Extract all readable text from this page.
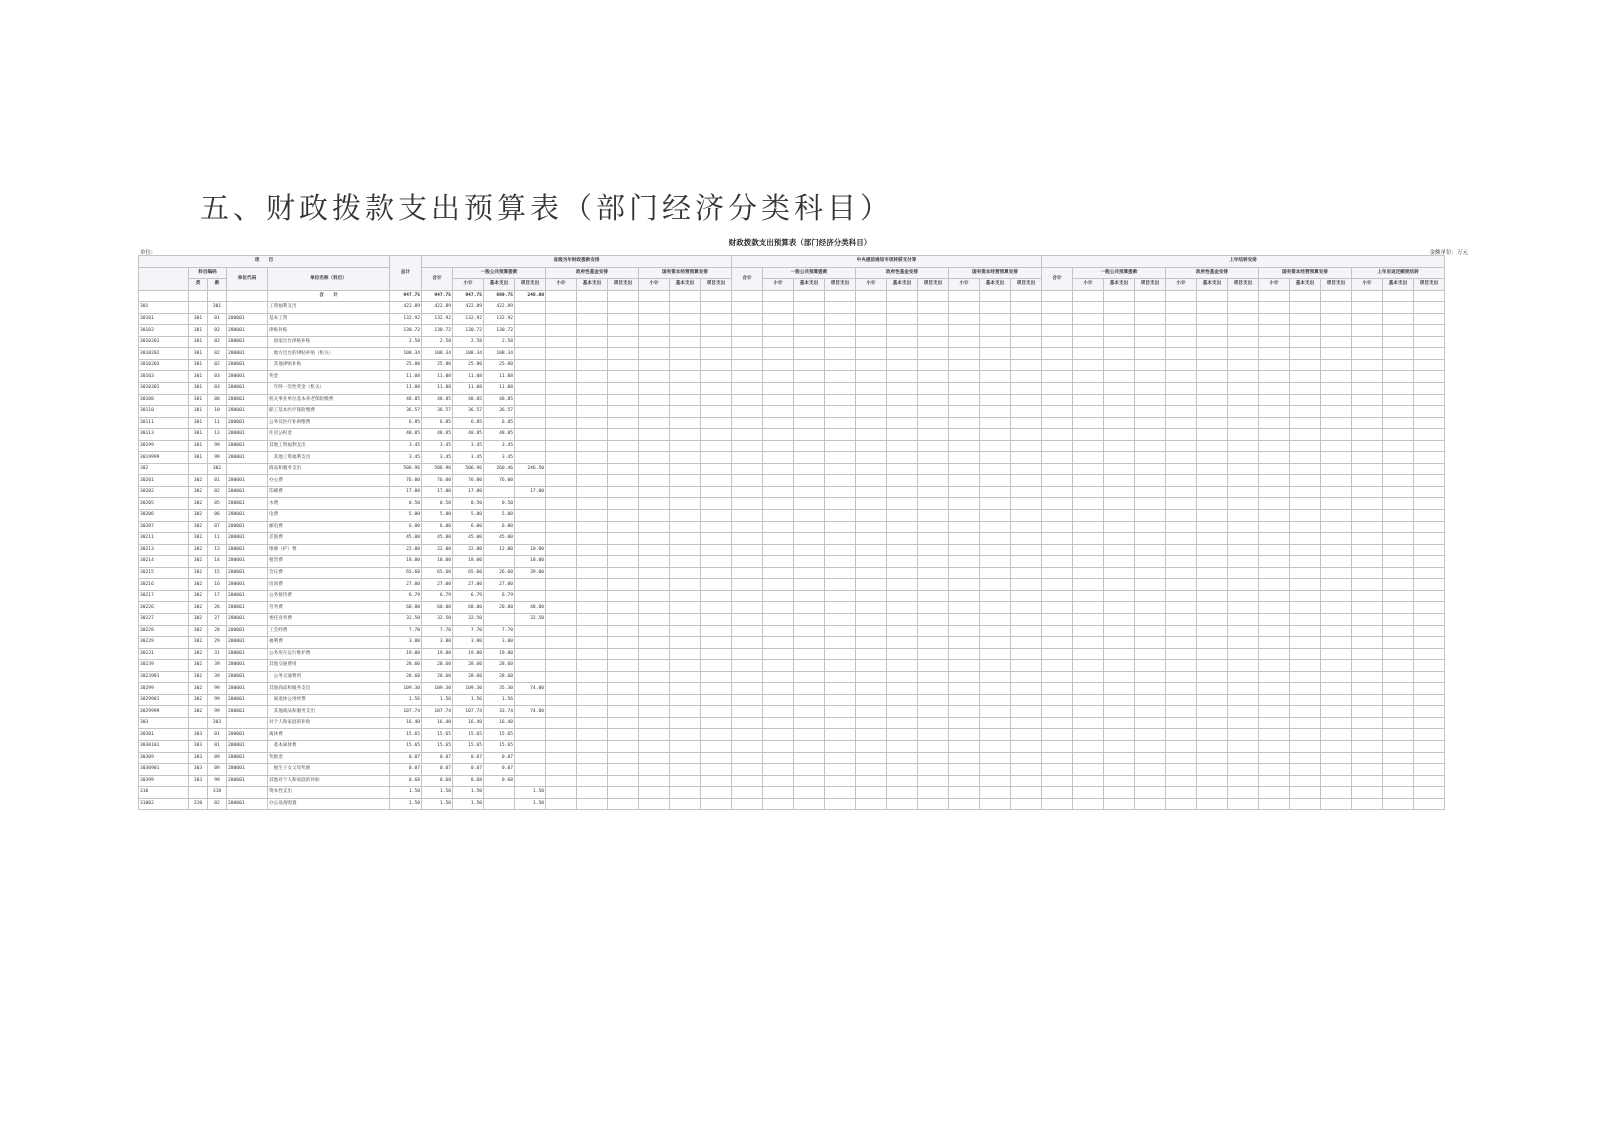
五、财政拨款支出预算表（部门经济分类科目）
财政拨款支出预算表（部门经济分类科目）
单位:	金额单位：万元
项　　目					总计	省级当年财政拨款安排										中央提前通知专项转移支付等										上年结转安排												
	科目编码		单位代码	单位名称（科目）		合计	一般公共预算拨款			政府性基金安排			国有资本经营预算安排			合计	一般公共预算拨款			政府性基金安排			国有资本经营预算安排			合计	一般公共预算拨款			政府性基金安排			国有资本经营预算安排			上年应返还额度结转		
	类	款					小计	基本支出	项目支出	小计	基本支出	项目支出	小计	基本支出	项目支出		小计	基本支出	项目支出	小计	基本支出	项目支出	小计	基本支出	项目支出		小计	基本支出	项目支出	小计	基本支出	项目支出	小计	基本支出	项目支出	小计	基本支出	项目支出
				合　　计	947.75	947.75	947.75	699.75	248.00																													
301		301		工资福利支出	422.89	422.89	422.89	422.89																														
30101	301	01	280001	基本工资	132.92	132.92	132.92	132.92																														
30102	301	02	280001	津贴补贴	130.72	130.72	130.72	130.72																														
3010201	301	02	280001	　国家出台津贴补贴	2.58	2.58	2.58	2.58																														
3010202	301	02	280001	　地方出台的津贴补贴（机关）	108.34	108.34	108.34	108.34																														
3010203	301	02	280001	　其他津贴补贴	25.80	25.80	25.80	25.80																														
30103	301	03	280001	奖金	11.08	11.08	11.08	11.08																														
3010301	301	03	280001	　年终一次性奖金（机关）	11.08	11.08	11.08	11.08																														
30108	301	08	280001	机关事业单位基本养老保险缴费	48.85	48.85	48.85	48.85																														
30110	301	10	280001	职工基本医疗保险缴费	36.57	36.57	36.57	36.57																														
30111	301	11	280001	公务员医疗补助缴费	6.85	6.85	6.85	6.85																														
30113	301	13	280001	住房公积金	48.85	48.85	48.85	48.85																														
30199	301	99	280001	其他工资福利支出	3.45	3.45	3.45	3.45																														
3019999	301	99	280001	　其他工资福利支出	3.45	3.45	3.45	3.45																														
302		302		商品和服务支出	506.96	506.96	506.96	260.46	246.50																													
30201	302	01	280001	办公费	76.00	76.00	76.00	76.00																														
30202	302	02	280001	印刷费	17.00	17.00	17.00		17.00																													
30205	302	05	280001	水费	0.50	0.50	0.50	0.50																														
30206	302	06	280001	电费	5.00	5.00	5.00	5.00																														
30207	302	07	280001	邮电费	6.00	6.00	6.00	6.00																														
30211	302	11	280001	差旅费	45.00	45.00	45.00	45.00																														
30213	302	13	280001	维修（护）费	22.00	22.00	22.00	12.00	10.00																													
30214	302	14	280001	租赁费	18.00	18.00	18.00		18.00																													
30215	302	15	280001	会议费	65.60	65.60	65.60	26.60	39.00																													
30216	302	16	280001	培训费	27.00	27.00	27.00	27.00																														
30217	302	17	280001	公务接待费	6.79	6.79	6.79	6.79																														
30226	302	26	280001	劳务费	60.00	60.00	60.00	20.00	40.00																													
30227	302	27	280001	委托业务费	32.50	32.50	32.50		32.50																													
30228	302	28	280001	工会经费	7.70	7.70	7.70	7.70																														
30229	302	29	280001	福利费	3.80	3.80	3.80	3.80																														
30231	302	31	280001	公务用车运行维护费	19.00	19.00	19.00	19.00																														
30239	302	39	280001	其他交通费用	28.60	28.60	28.60	28.60																														
3023901	302	39	280001	　公务交通费用	28.60	28.60	28.60	28.60																														
30299	302	99	280001	其他商品和服务支出	109.30	109.30	109.30	35.30	74.00																													
3029901	302	99	280001	　离退休公用经费	1.56	1.56	1.56	1.56																														
3029999	302	99	280001	　其他商品和服务支出	107.74	107.74	107.74	33.74	74.00																													
303		303		对个人和家庭的补助	16.40	16.40	16.40	16.40																														
30301	303	01	280001	离休费	15.65	15.65	15.65	15.65																														
3030101	303	01	280001	　基本离休费	15.65	15.65	15.65	15.65																														
30309	303	09	280001	奖励金	0.07	0.07	0.07	0.07																														
3030901	303	09	280001	　独生子女父母奖励	0.07	0.07	0.07	0.07																														
30399	303	99	280001	其他对个人和家庭的补助	0.68	0.68	0.68	0.68																														
310		310		资本性支出	1.50	1.50	1.50		1.50																													
31002	310	02	280001	办公设备购置	1.50	1.50	1.50		1.50																													
